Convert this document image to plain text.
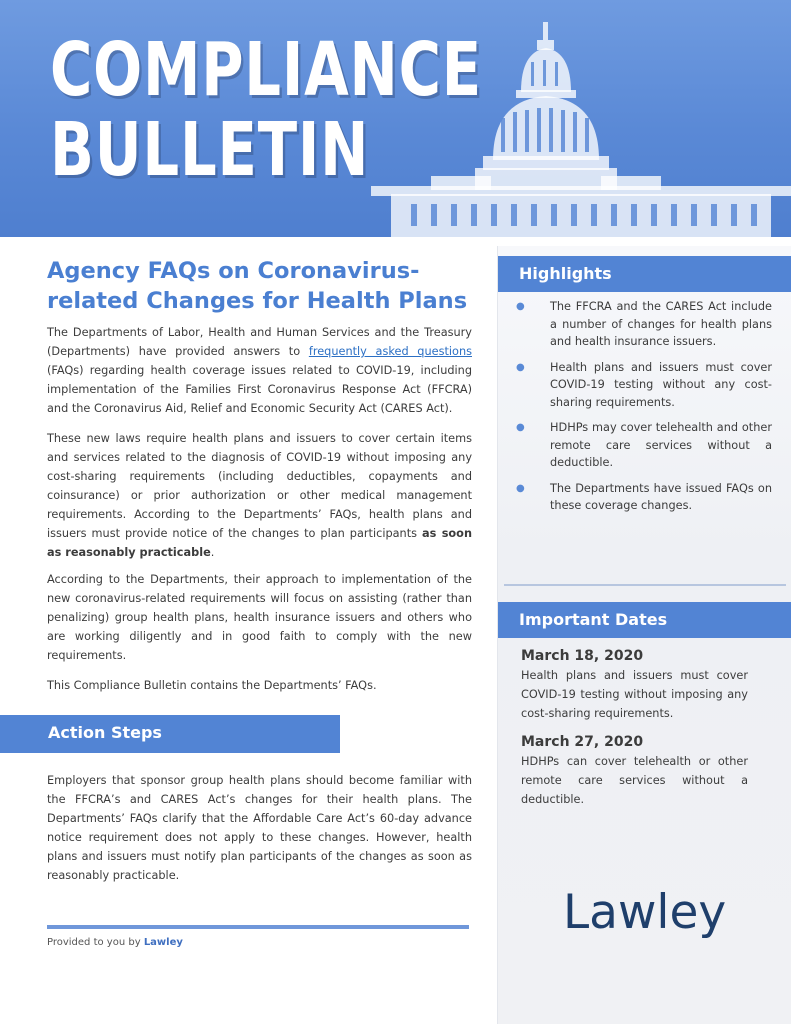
COMPLIANCE
BULLETIN
Agency FAQs on Coronavirus-
related Changes for Health Plans

The Departments of Labor, Health and Human Services and the Treasury (Departments) have provided answers to frequently asked questions (FAQs) regarding health coverage issues related to COVID-19, including implementation of the Families First Coronavirus Response Act (FFCRA) and the Coronavirus Aid, Relief and Economic Security Act (CARES Act).

These new laws require health plans and issuers to cover certain items and services related to the diagnosis of COVID-19 without imposing any cost-sharing requirements (including deductibles, copayments and coinsurance) or prior authorization or other medical management requirements. According to the Departments’ FAQs, health plans and issuers must provide notice of the changes to plan participants as soon as reasonably practicable.

According to the Departments, their approach to implementation of the new coronavirus-related requirements will focus on assisting (rather than penalizing) group health plans, health insurance issuers and others who are working diligently and in good faith to comply with the new requirements.

This Compliance Bulletin contains the Departments’ FAQs.

Action Steps

Employers that sponsor group health plans should become familiar with the FFCRA’s and CARES Act’s changes for their health plans. The Departments’ FAQs clarify that the Affordable Care Act’s 60-day advance notice requirement does not apply to these changes. However, health plans and issuers must notify plan participants of the changes as soon as reasonably practicable.

Provided to you by Lawley
Highlights
● The FFCRA and the CARES Act include a number of changes for health plans and health insurance issuers.
● Health plans and issuers must cover COVID-19 testing without any cost-sharing requirements.
● HDHPs may cover telehealth and other remote care services without a deductible.
● The Departments have issued FAQs on these coverage changes.
Important Dates
March 18, 2020

Health plans and issuers must cover COVID-19 testing without imposing any cost-sharing requirements.

March 27, 2020

HDHPs can cover telehealth or other remote care services without a deductible.

Lawley
